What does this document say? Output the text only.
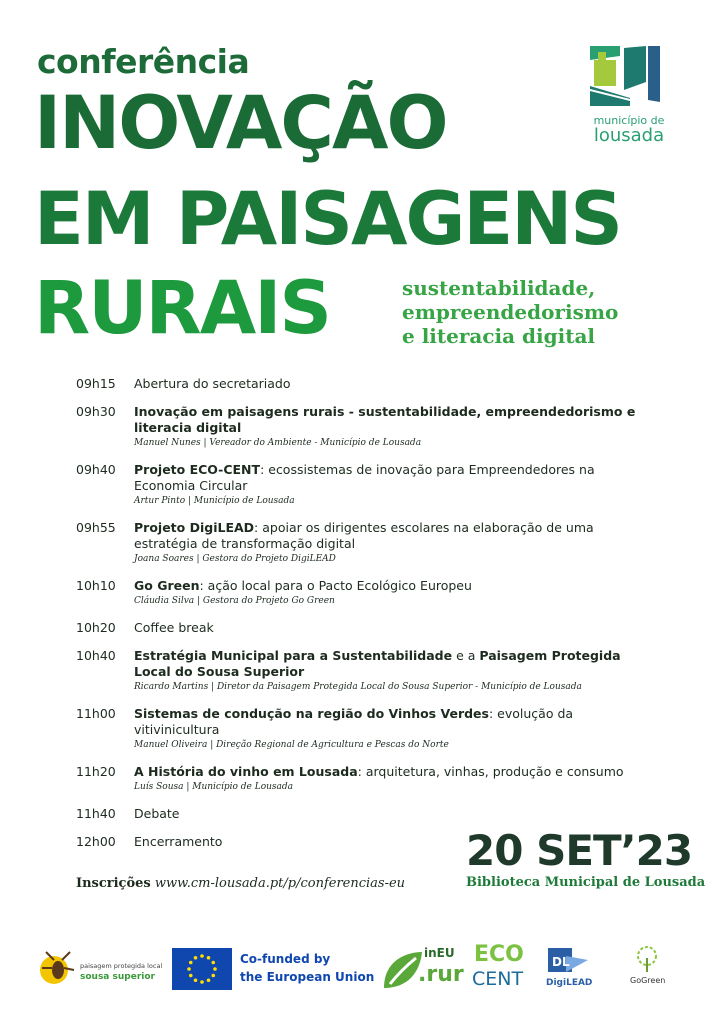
conferência
INOVAÇÃO
EM PAISAGENS
RURAIS	sustentabilidade,
empreendedorismo
e literacia digital
município de
lousada
09h15	Abertura do secretariado
09h30	Inovação em paisagens rurais - sustentabilidade, empreendedorismo e literacia digital
Manuel Nunes | Vereador do Ambiente - Município de Lousada
09h40	Projeto ECO-CENT: ecossistemas de inovação para Empreendedores na Economia Circular
Artur Pinto | Município de Lousada
09h55	Projeto DigiLEAD: apoiar os dirigentes escolares na elaboração de uma estratégia de transformação digital
Joana Soares | Gestora do Projeto DigiLEAD
10h10	Go Green: ação local para o Pacto Ecológico Europeu
Cláudia Silva | Gestora do Projeto Go Green
10h20	Coffee break
10h40	Estratégia Municipal para a Sustentabilidade e a Paisagem Protegida Local do Sousa Superior
Ricardo Martins | Diretor da Paisagem Protegida Local do Sousa Superior - Município de Lousada
11h00	Sistemas de condução na região do Vinhos Verdes: evolução da vitivinicultura
Manuel Oliveira | Direção Regional de Agricultura e Pescas do Norte
11h20	A História do vinho em Lousada: arquitetura, vinhas, produção e consumo
Luís Sousa | Município de Lousada
11h40	Debate
12h00	Encerramento	20 SET’23
Biblioteca Municipal de Lousada
Inscrições www.cm-lousada.pt/p/conferencias-eu
paisagem protegida local
sousa superior
Co-funded by
the European Union
inEU
.rur
ECO
CENT
DL
DigiLEAD	GoGreen
